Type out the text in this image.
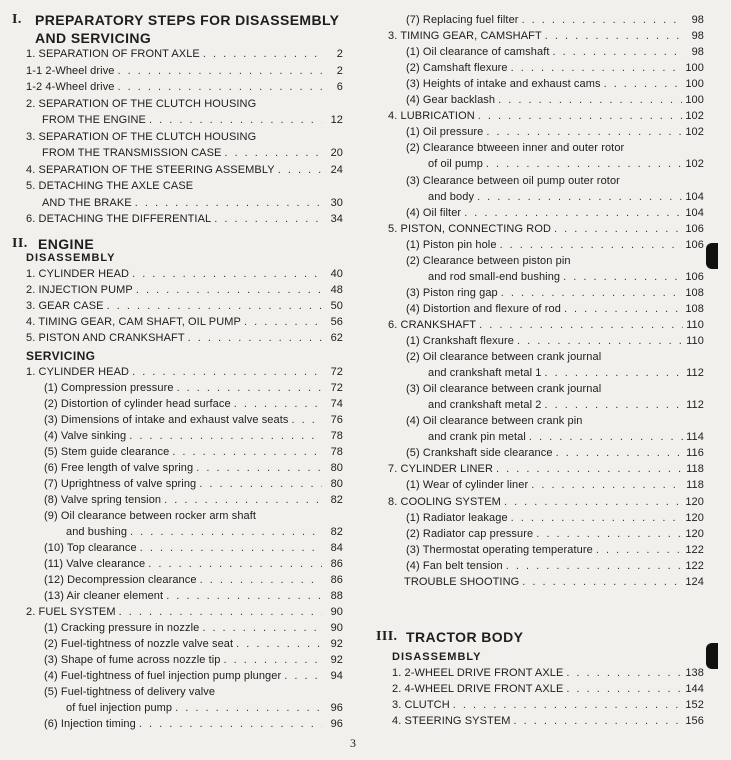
I. PREPARATORY STEPS FOR DISASSEMBLY
AND SERVICING
1. SEPARATION OF FRONT AXLE . . .	2
1-1 2-Wheel drive . . .	2
1-2 4-Wheel drive . . .	6
2. SEPARATION OF THE CLUTCH HOUSING
FROM THE ENGINE . . .	12
3. SEPARATION OF THE CLUTCH HOUSING
FROM THE TRANSMISSION CASE . . .	20
4. SEPARATION OF THE STEERING ASSEMBLY . . .	24
5. DETACHING THE AXLE CASE
AND THE BRAKE . . .	30
6. DETACHING THE DIFFERENTIAL . . .	34
II. ENGINE
DISASSEMBLY
1. CYLINDER HEAD . . .	40
2. INJECTION PUMP . . .	48
3. GEAR CASE . . .	50
4. TIMING GEAR, CAM SHAFT, OIL PUMP . . .	56
5. PISTON AND CRANKSHAFT . . .	62
SERVICING
1. CYLINDER HEAD . . .	72
(1) Compression pressure . . .	72
(2) Distortion of cylinder head surface . . .	74
(3) Dimensions of intake and exhaust valve seats . . .	76
(4) Valve sinking . . .	78
(5) Stem guide clearance . . .	78
(6) Free length of valve spring . . .	80
(7) Uprightness of valve spring . . .	80
(8) Valve spring tension . . .	82
(9) Oil clearance between rocker arm shaft
and bushing . . .	82
(10) Top clearance . . .	84
(11) Valve clearance . . .	86
(12) Decompression clearance . . .	86
(13) Air cleaner element . . .	88
2. FUEL SYSTEM . . .	90
(1) Cracking pressure in nozzle . . .	90
(2) Fuel-tightness of nozzle valve seat . . .	92
(3) Shape of fume across nozzle tip . . .	92
(4) Fuel-tightness of fuel injection pump plunger . . .	94
(5) Fuel-tightness of delivery valve
of fuel injection pump . . .	96
(6) Injection timing . . .	96
(7) Replacing fuel filter . . .	98
3. TIMING GEAR, CAMSHAFT . . .	98
(1) Oil clearance of camshaft . . .	98
(2) Camshaft flexure . . .	100
(3) Heights of intake and exhaust cams . . .	100
(4) Gear backlash . . .	100
4. LUBRICATION . . .	102
(1) Oil pressure . . .	102
(2) Clearance btweeen inner and outer rotor
of oil pump . . .	102
(3) Clearance between oil pump outer rotor
and body . . .	104
(4) Oil filter . . .	104
5. PISTON, CONNECTING ROD . . .	106
(1) Piston pin hole . . .	106
(2) Clearance between piston pin
and rod small-end bushing . . .	106
(3) Piston ring gap . . .	108
(4) Distortion and flexure of rod . . .	108
6. CRANKSHAFT . . .	110
(1) Crankshaft flexure . . .	110
(2) Oil clearance between crank journal
and crankshaft metal 1 . . .	112
(3) Oil clearance between crank journal
and crankshaft metal 2 . . .	112
(4) Oil clearance between crank pin
and crank pin metal . . .	114
(5) Crankshaft side clearance . . .	116
7. CYLINDER LINER . . .	118
(1) Wear of cylinder liner . . .	118
8. COOLING SYSTEM . . .	120
(1) Radiator leakage . . .	120
(2) Radiator cap pressure . . .	120
(3) Thermostat operating temperature . . .	122
(4) Fan belt tension . . .	122
TROUBLE SHOOTING . . .	124
III. TRACTOR BODY
DISASSEMBLY
1. 2-WHEEL DRIVE FRONT AXLE . . .	138
2. 4-WHEEL DRIVE FRONT AXLE . . .	144
3. CLUTCH . . .	152
4. STEERING SYSTEM . . .	156
3
